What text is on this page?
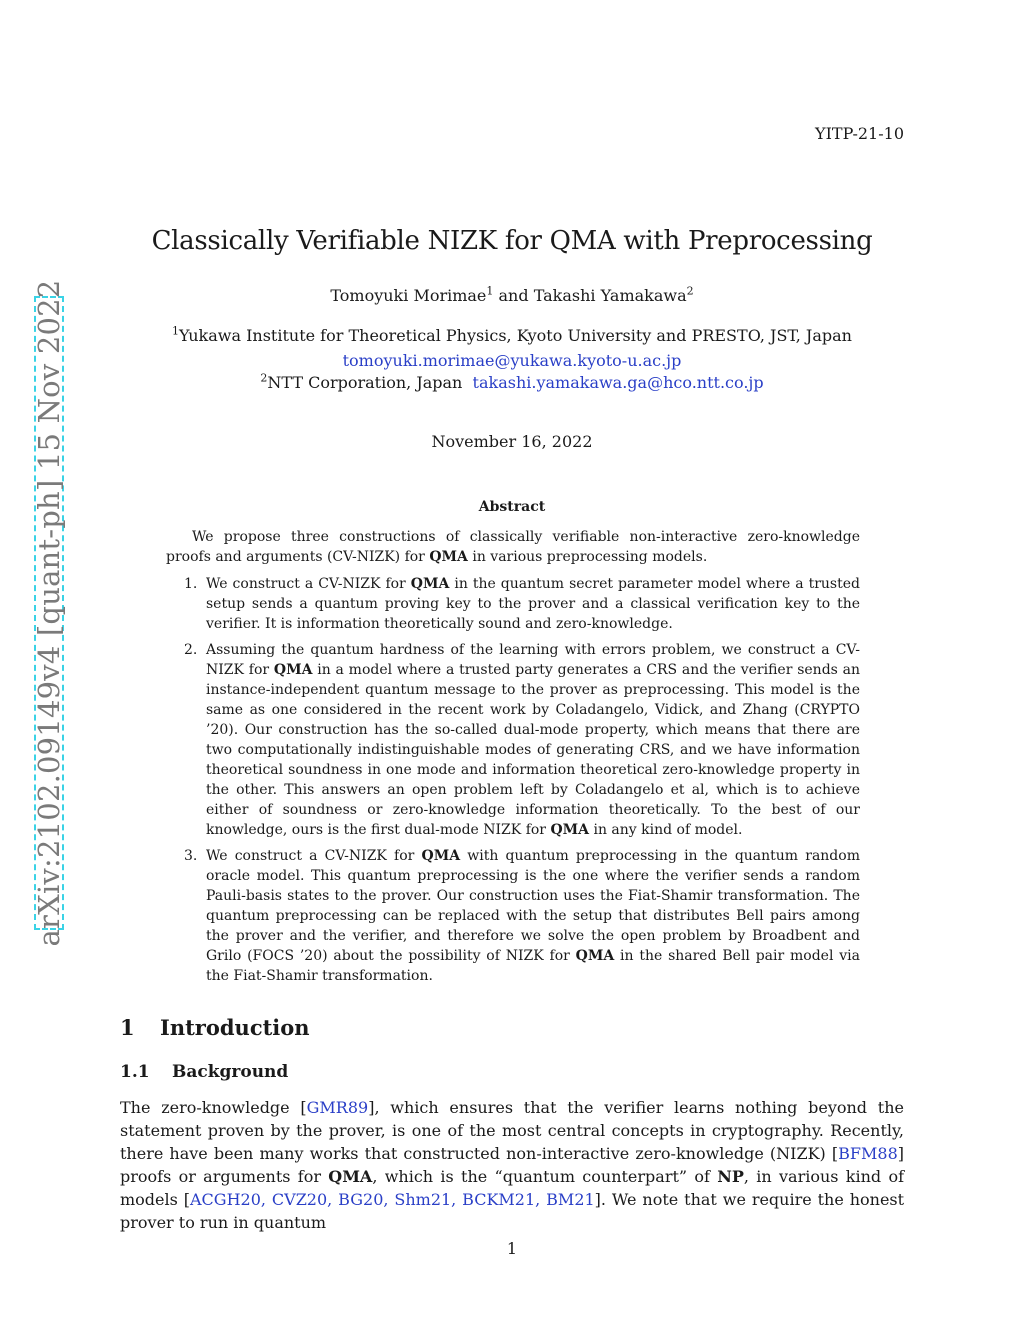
YITP-21-10
Classically Verifiable NIZK for QMA with Preprocessing
Tomoyuki Morimae$^1$ and Takashi Yamakawa$^2$
$^1$Yukawa Institute for Theoretical Physics, Kyoto University and PRESTO, JST, Japan
tomoyuki.morimae@yukawa.kyoto-u.ac.jp
$^2$NTT Corporation, Japan takashi.yamakawa.ga@hco.ntt.co.jp
November 16, 2022
Abstract
We propose three constructions of classically verifiable non-interactive zero-knowledge proofs and arguments (CV-NIZK) for QMA in various preprocessing models.
1. We construct a CV-NIZK for QMA in the quantum secret parameter model where a trusted setup sends a quantum proving key to the prover and a classical verification key to the verifier. It is information theoretically sound and zero-knowledge.
2. Assuming the quantum hardness of the learning with errors problem, we construct a CV-NIZK for QMA in a model where a trusted party generates a CRS and the verifier sends an instance-independent quantum message to the prover as preprocessing. This model is the same as one considered in the recent work by Coladangelo, Vidick, and Zhang (CRYPTO ’20). Our construction has the so-called dual-mode property, which means that there are two computationally indistinguishable modes of generating CRS, and we have information theoretical soundness in one mode and information theoretical zero-knowledge property in the other. This answers an open problem left by Coladangelo et al, which is to achieve either of soundness or zero-knowledge information theoretically. To the best of our knowledge, ours is the first dual-mode NIZK for QMA in any kind of model.
3. We construct a CV-NIZK for QMA with quantum preprocessing in the quantum random oracle model. This quantum preprocessing is the one where the verifier sends a random Pauli-basis states to the prover. Our construction uses the Fiat-Shamir transformation. The quantum preprocessing can be replaced with the setup that distributes Bell pairs among the prover and the verifier, and therefore we solve the open problem by Broadbent and Grilo (FOCS ’20) about the possibility of NIZK for QMA in the shared Bell pair model via the Fiat-Shamir transformation.
1 Introduction
1.1 Background
The zero-knowledge [GMR89], which ensures that the verifier learns nothing beyond the statement proven by the prover, is one of the most central concepts in cryptography. Recently, there have been many works that constructed non-interactive zero-knowledge (NIZK) [BFM88] proofs or arguments for QMA, which is the “quantum counterpart” of NP, in various kind of models [ACGH20, CVZ20, BG20, Shm21, BCKM21, BM21]. We note that we require the honest prover to run in quantum
1
arXiv:2102.09149v4 [quant-ph] 15 Nov 2022
